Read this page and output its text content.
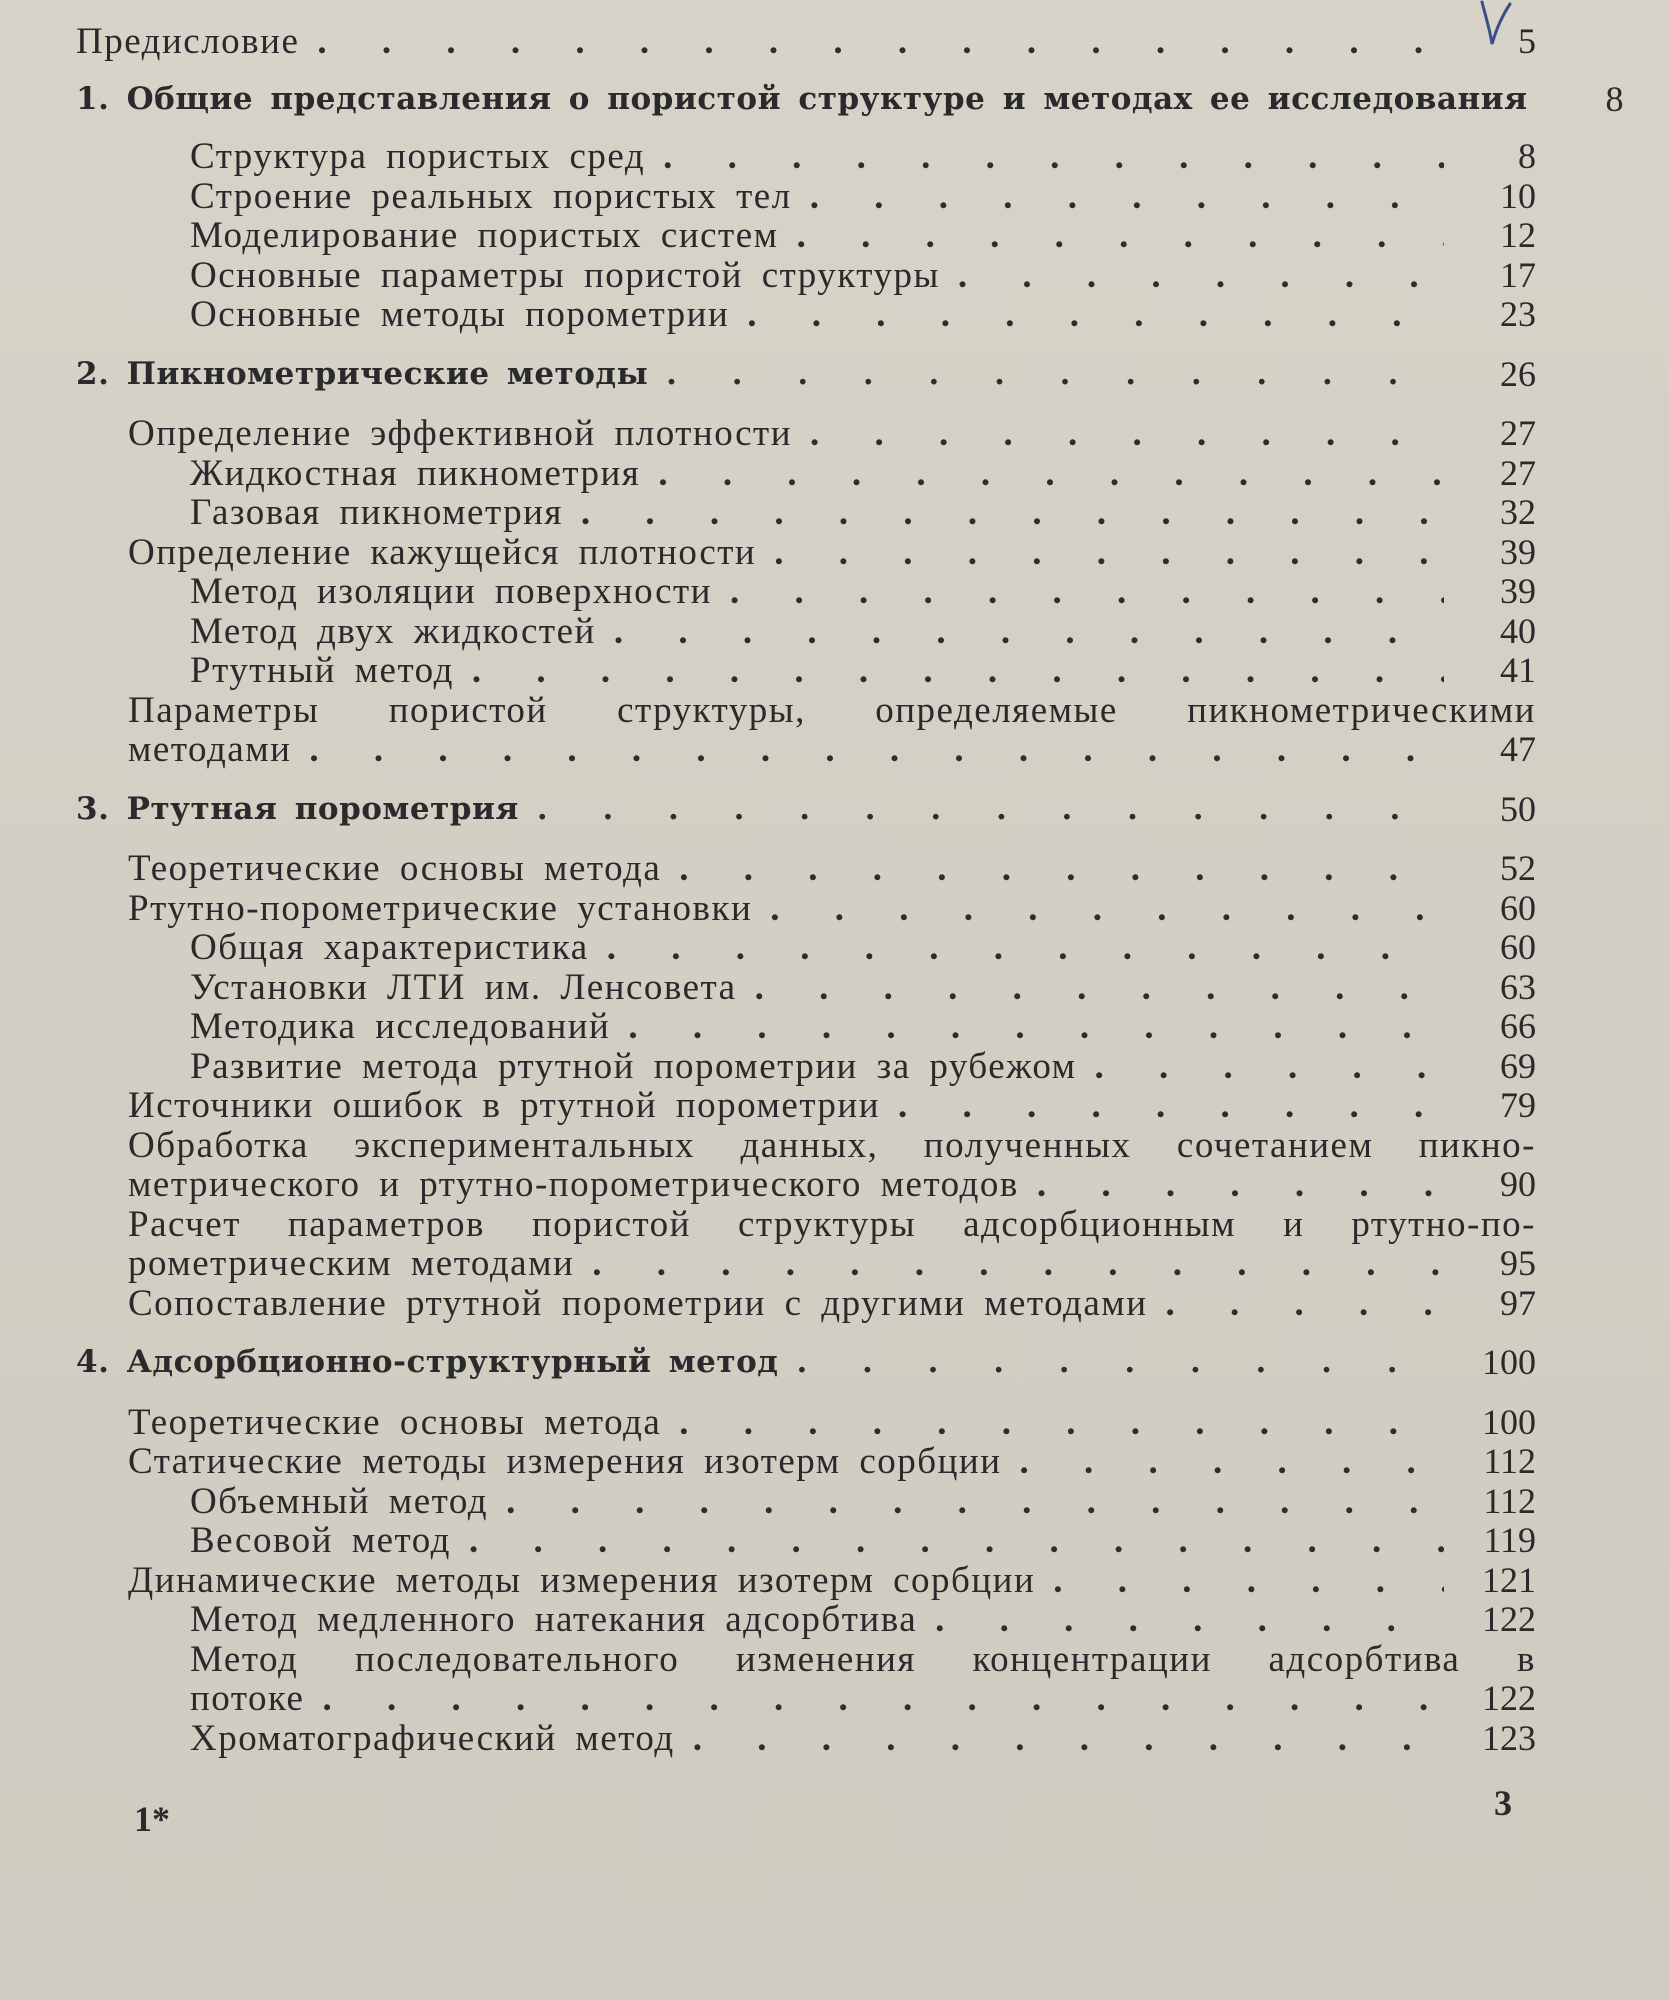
Предисловие . . .	5
1. Общие представления о пористой структуре и методах ее исследования	8
Структура пористых сред . . .	8
Строение реальных пористых тел . . .	10
Моделирование пористых систем . . .	12
Основные параметры пористой структуры . . .	17
Основные методы порометрии . . .	23
2. Пикнометрические методы . . .	26
Определение эффективной плотности . . .	27
Жидкостная пикнометрия . . .	27
Газовая пикнометрия . . .	32
Определение кажущейся плотности . . .	39
Метод изоляции поверхности . . .	39
Метод двух жидкостей . . .	40
Ртутный метод . . .	41
Параметры пористой структуры, определяемые пикнометрическими
методами . . .	47
3. Ртутная порометрия . . .	50
Теоретические основы метода . . .	52
Ртутно-порометрические установки . . .	60
Общая характеристика . . .	60
Установки ЛТИ им. Ленсовета . . .	63
Методика исследований . . .	66
Развитие метода ртутной порометрии за рубежом . . .	69
Источники ошибок в ртутной порометрии . . .	79
Обработка экспериментальных данных, полученных сочетанием пикно-
метрического и ртутно-порометрического методов . . .	90
Расчет параметров пористой структуры адсорбционным и ртутно-по-
рометрическим методами . . .	95
Сопоставление ртутной порометрии с другими методами . . .	97
4. Адсорбционно-структурный метод . . .	100
Теоретические основы метода . . .	100
Статические методы измерения изотерм сорбции . . .	112
Объемный метод . . .	112
Весовой метод . . .	119
Динамические методы измерения изотерм сорбции . . .	121
Метод медленного натекания адсорбтива . . .	122
Метод последовательного изменения концентрации адсорбтива в
потоке . . .	122
Хроматографический метод . . .	123
1*	3
